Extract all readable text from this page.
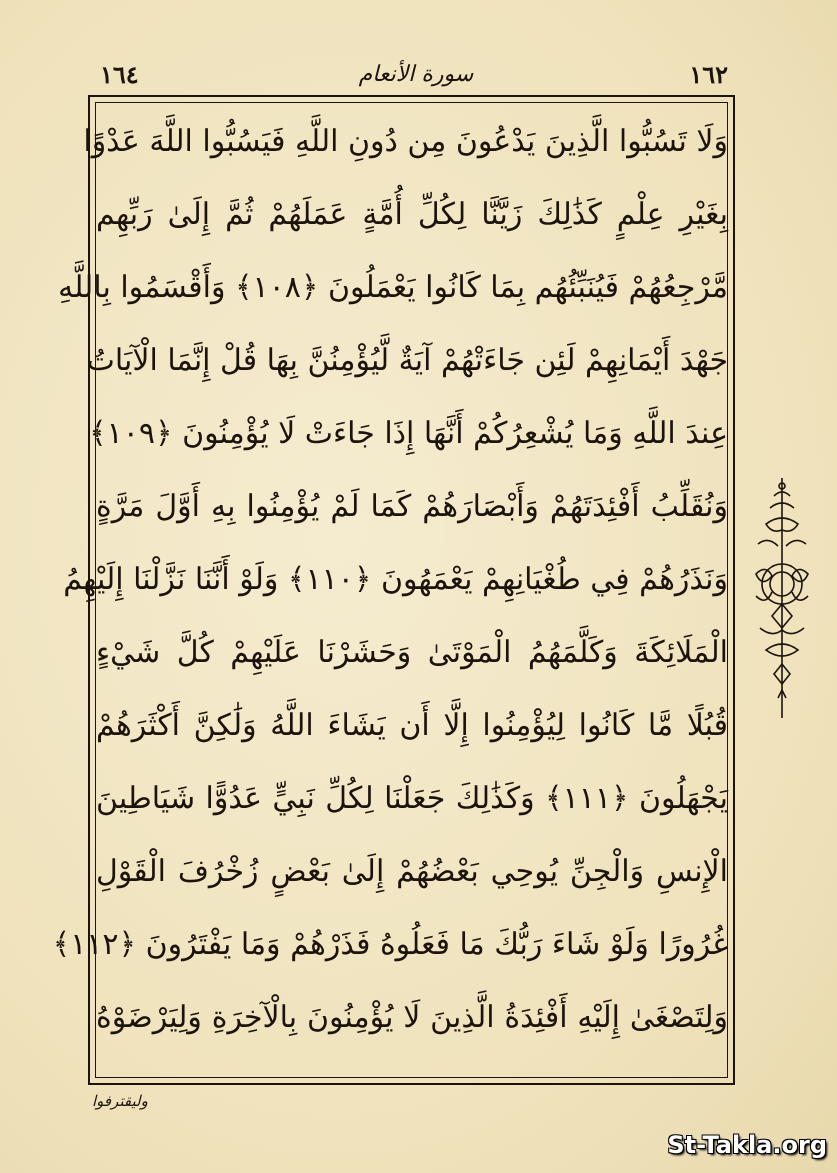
١٦٤	سورة الأنعام	١٦٢
وَلَا تَسُبُّوا الَّذِينَ يَدْعُونَ مِن دُونِ اللَّهِ فَيَسُبُّوا اللَّهَ عَدْوًا
بِغَيْرِ عِلْمٍ كَذَٰلِكَ زَيَّنَّا لِكُلِّ أُمَّةٍ عَمَلَهُمْ ثُمَّ إِلَىٰ رَبِّهِم
مَّرْجِعُهُمْ فَيُنَبِّئُهُم بِمَا كَانُوا يَعْمَلُونَ ﴿١٠٨﴾ وَأَقْسَمُوا بِاللَّهِ
جَهْدَ أَيْمَانِهِمْ لَئِن جَاءَتْهُمْ آيَةٌ لَّيُؤْمِنُنَّ بِهَا قُلْ إِنَّمَا الْآيَاتُ
عِندَ اللَّهِ وَمَا يُشْعِرُكُمْ أَنَّهَا إِذَا جَاءَتْ لَا يُؤْمِنُونَ ﴿١٠٩﴾
وَنُقَلِّبُ أَفْئِدَتَهُمْ وَأَبْصَارَهُمْ كَمَا لَمْ يُؤْمِنُوا بِهِ أَوَّلَ مَرَّةٍ
وَنَذَرُهُمْ فِي طُغْيَانِهِمْ يَعْمَهُونَ ﴿١١٠﴾ وَلَوْ أَنَّنَا نَزَّلْنَا إِلَيْهِمُ
الْمَلَائِكَةَ وَكَلَّمَهُمُ الْمَوْتَىٰ وَحَشَرْنَا عَلَيْهِمْ كُلَّ شَيْءٍ
قُبُلًا مَّا كَانُوا لِيُؤْمِنُوا إِلَّا أَن يَشَاءَ اللَّهُ وَلَٰكِنَّ أَكْثَرَهُمْ
يَجْهَلُونَ ﴿١١١﴾ وَكَذَٰلِكَ جَعَلْنَا لِكُلِّ نَبِيٍّ عَدُوًّا شَيَاطِينَ
الْإِنسِ وَالْجِنِّ يُوحِي بَعْضُهُمْ إِلَىٰ بَعْضٍ زُخْرُفَ الْقَوْلِ
غُرُورًا وَلَوْ شَاءَ رَبُّكَ مَا فَعَلُوهُ فَذَرْهُمْ وَمَا يَفْتَرُونَ ﴿١١٢﴾
وَلِتَصْغَىٰ إِلَيْهِ أَفْئِدَةُ الَّذِينَ لَا يُؤْمِنُونَ بِالْآخِرَةِ وَلِيَرْضَوْهُ
وليقترفوا
St-Takla.org
